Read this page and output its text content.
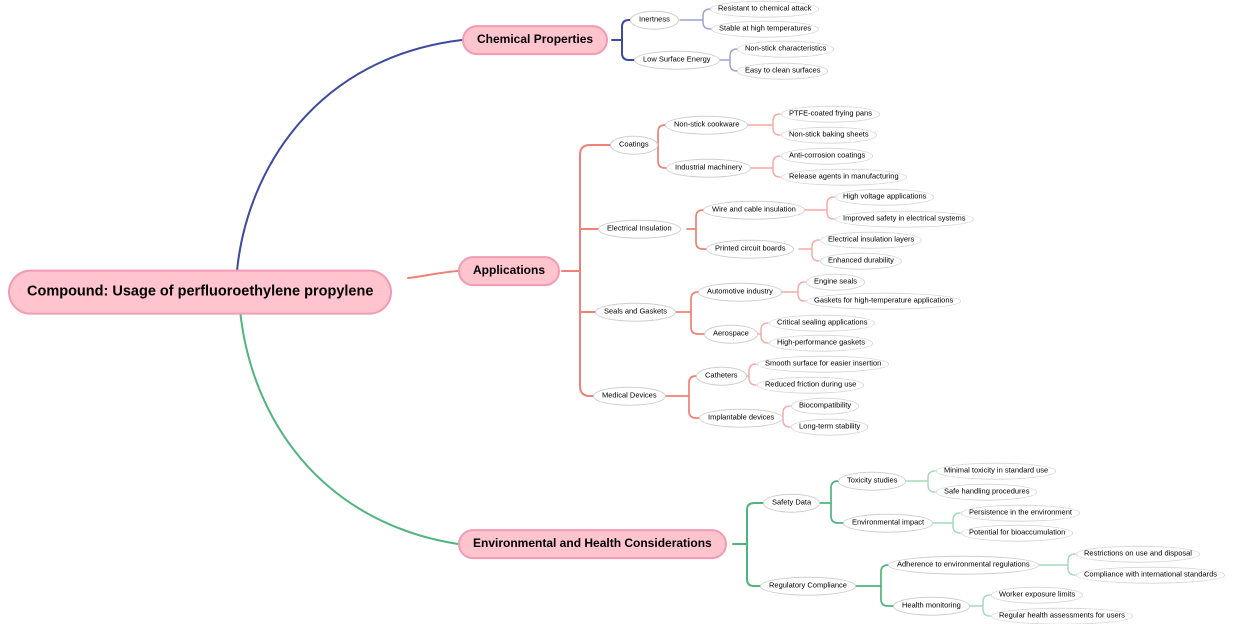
Compound: Usage of perfluoroethylene propylene
Chemical Properties
Applications
Environmental and Health Considerations
Inertness
Resistant to chemical attack
Stable at high temperatures
Low Surface Energy
Non-stick characteristics
Easy to clean surfaces
Coatings
Non-stick cookware
PTFE-coated frying pans
Non-stick baking sheets
Industrial machinery
Anti-corrosion coatings
Release agents in manufacturing
Electrical Insulation
Wire and cable insulation
High voltage applications
Improved safety in electrical systems
Printed circuit boards
Electrical insulation layers
Enhanced durability
Seals and Gaskets
Automotive industry
Engine seals
Gaskets for high-temperature applications
Aerospace
Critical sealing applications
High-performance gaskets
Medical Devices
Catheters
Smooth surface for easier insertion
Reduced friction during use
Implantable devices
Biocompatibility
Long-term stability
Safety Data
Toxicity studies
Minimal toxicity in standard use
Safe handling procedures
Environmental impact
Persistence in the environment
Potential for bioaccumulation
Regulatory Compliance
Adherence to environmental regulations
Restrictions on use and disposal
Compliance with international standards
Health monitoring
Worker exposure limits
Regular health assessments for users
